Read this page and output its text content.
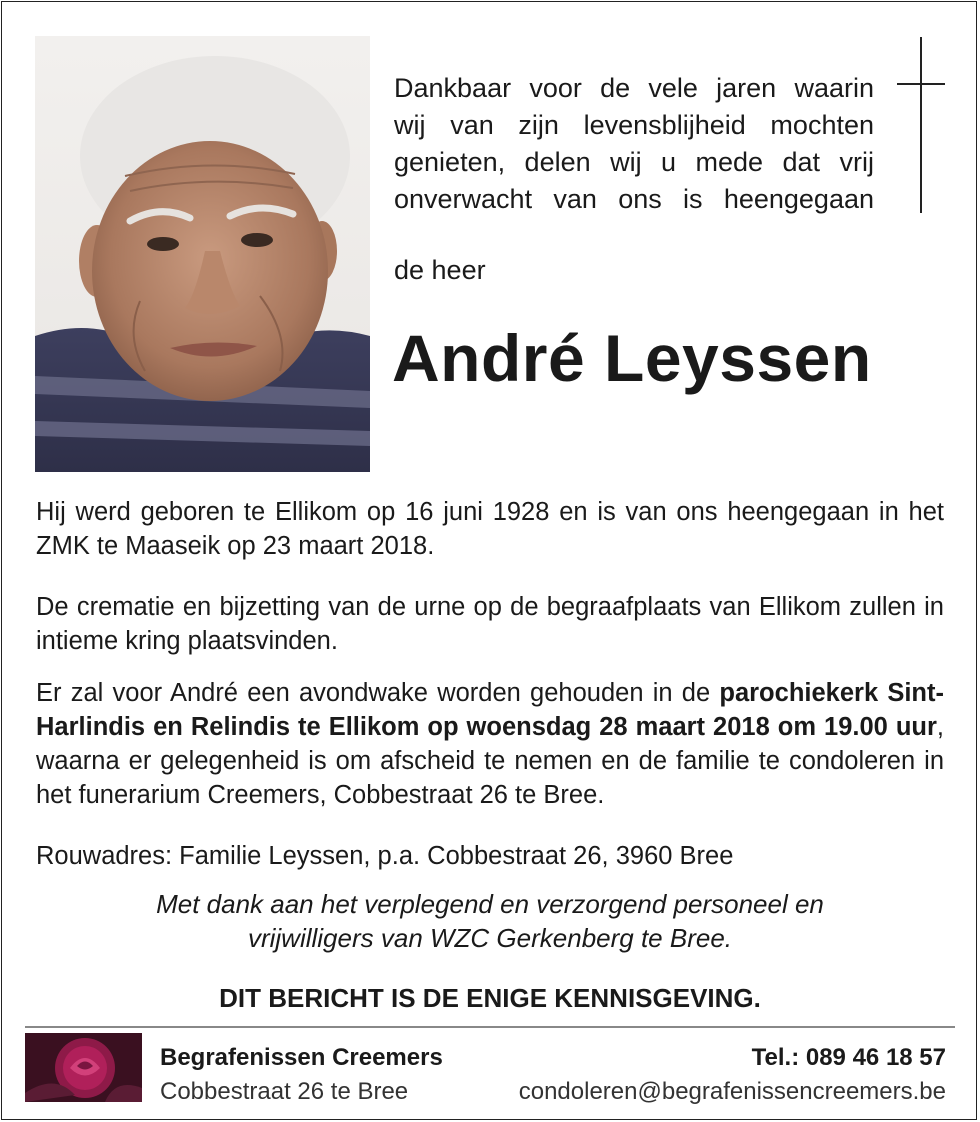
Dankbaar voor de vele jaren waarin
wij van zijn levensblijheid mochten
genieten, delen wij u mede dat vrij
onverwacht van ons is heengegaan

de heer

André Leyssen

Hij werd geboren te Ellikom op 16 juni 1928 en is van ons heengegaan in het ZMK te Maaseik op 23 maart 2018.

De crematie en bijzetting van de urne op de begraafplaats van Ellikom zullen in intieme kring plaatsvinden.

Er zal voor André een avondwake worden gehouden in de parochiekerk Sint-Harlindis en Relindis te Ellikom op woensdag 28 maart 2018 om 19.00 uur, waarna er gelegenheid is om afscheid te nemen en de familie te condoleren in het funerarium Creemers, Cobbestraat 26 te Bree.

Rouwadres: Familie Leyssen, p.a. Cobbestraat 26, 3960 Bree

Met dank aan het verplegend en verzorgend personeel en
vrijwilligers van WZC Gerkenberg te Bree.

DIT BERICHT IS DE ENIGE KENNISGEVING.

Begrafenissen Creemers

Cobbestraat 26 te Bree

Tel.: 089 46 18 57

condoleren@begrafenissencreemers.be
